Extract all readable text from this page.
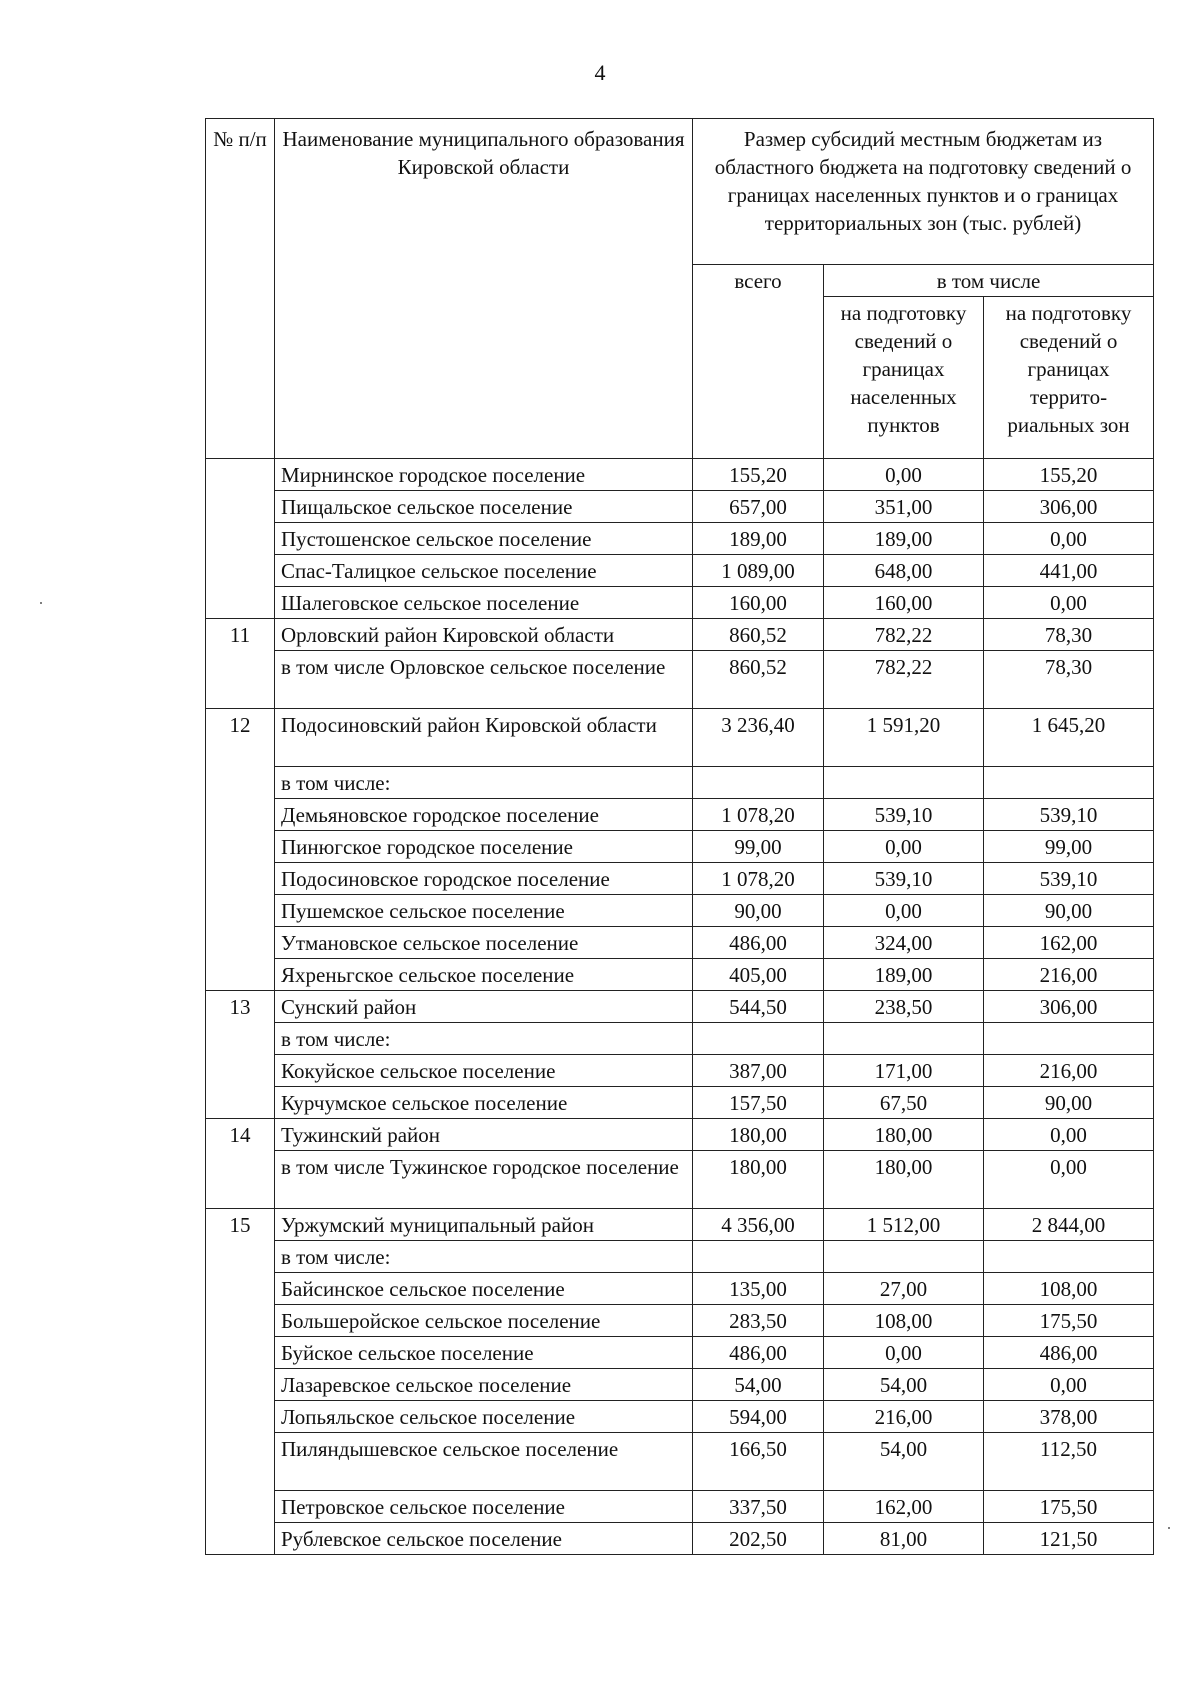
4
№ п/п	Наименование муниципального образования Кировской области	Размер субсидий местным бюджетам из областного бюджета на подготовку сведений о границах населенных пунктов и о границах территориальных зон (тыс. рублей)		
		всего	в том числе	
			на подготовку сведений о границах населенных пунктов	на подготовку сведений о границах террито-риальных зон
	Мирнинское городское поселение	155,20	0,00	155,20
	Пищальское сельское поселение	657,00	351,00	306,00
	Пустошенское сельское поселение	189,00	189,00	0,00
	Спас-Талицкое сельское поселение	1 089,00	648,00	441,00
	Шалеговское сельское поселение	160,00	160,00	0,00
11	Орловский район Кировской области	860,52	782,22	78,30
	в том числе Орловское сельское поселение	860,52	782,22	78,30
12	Подосиновский район Кировской области	3 236,40	1 591,20	1 645,20
	в том числе:			
	Демьяновское городское поселение	1 078,20	539,10	539,10
	Пинюгское городское поселение	99,00	0,00	99,00
	Подосиновское городское поселение	1 078,20	539,10	539,10
	Пушемское сельское поселение	90,00	0,00	90,00
	Утмановское сельское поселение	486,00	324,00	162,00
	Яхреньгское сельское поселение	405,00	189,00	216,00
13	Сунский район	544,50	238,50	306,00
	в том числе:			
	Кокуйское сельское поселение	387,00	171,00	216,00
	Курчумское сельское поселение	157,50	67,50	90,00
14	Тужинский район	180,00	180,00	0,00
	в том числе Тужинское городское поселение	180,00	180,00	0,00
15	Уржумский муниципальный район	4 356,00	1 512,00	2 844,00
	в том числе:			
	Байсинское сельское поселение	135,00	27,00	108,00
	Большеройское сельское поселение	283,50	108,00	175,50
	Буйское сельское поселение	486,00	0,00	486,00
	Лазаревское сельское поселение	54,00	54,00	0,00
	Лопьяльское сельское поселение	594,00	216,00	378,00
	Пиляндышевское сельское поселение	166,50	54,00	112,50
	Петровское сельское поселение	337,50	162,00	175,50
	Рублевское сельское поселение	202,50	81,00	121,50
